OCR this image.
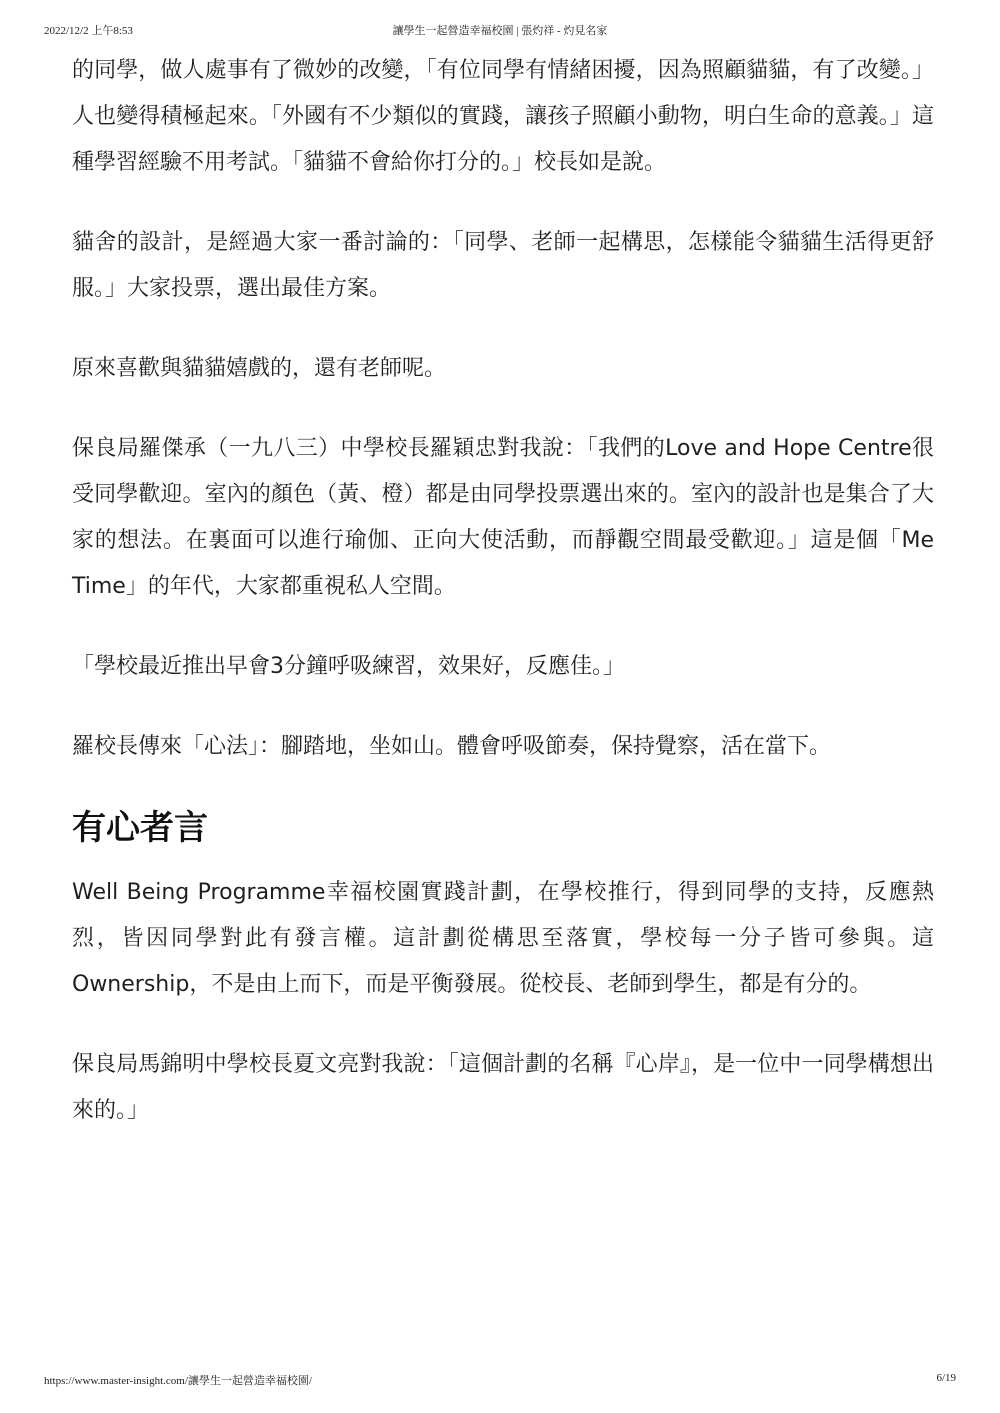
2022/12/2 上午8:53	讓學生一起營造幸福校園 | 張灼祥 - 灼見名家

的同學，做人處事有了微妙的改變，「有位同學有情緒困擾，因為照顧貓貓，有了改變。」人也變得積極起來。「外國有不少類似的實踐，讓孩子照顧小動物，明白生命的意義。」這種學習經驗不用考試。「貓貓不會給你打分的。」校長如是說。

貓舍的設計，是經過大家一番討論的：「同學、老師一起構思，怎樣能令貓貓生活得更舒服。」大家投票，選出最佳方案。

原來喜歡與貓貓嬉戲的，還有老師呢。

保良局羅傑承（一九八三）中學校長羅穎忠對我說：「我們的Love and Hope Centre很受同學歡迎。室內的顏色（黃、橙）都是由同學投票選出來的。室內的設計也是集合了大家的想法。在裏面可以進行瑜伽、正向大使活動，而靜觀空間最受歡迎。」這是個「Me Time」的年代，大家都重視私人空間。

「學校最近推出早會3分鐘呼吸練習，效果好，反應佳。」

羅校長傳來「心法」：腳踏地，坐如山。體會呼吸節奏，保持覺察，活在當下。

有心者言

Well Being Programme幸福校園實踐計劃，在學校推行，得到同學的支持，反應熱烈，皆因同學對此有發言權。這計劃從構思至落實，學校每一分子皆可參與。這Ownership，不是由上而下，而是平衡發展。從校長、老師到學生，都是有分的。

保良局馬錦明中學校長夏文亮對我說：「這個計劃的名稱『心岸』，是一位中一同學構想出來的。」

https://www.master-insight.com/讓學生一起營造幸福校園/	6/19
